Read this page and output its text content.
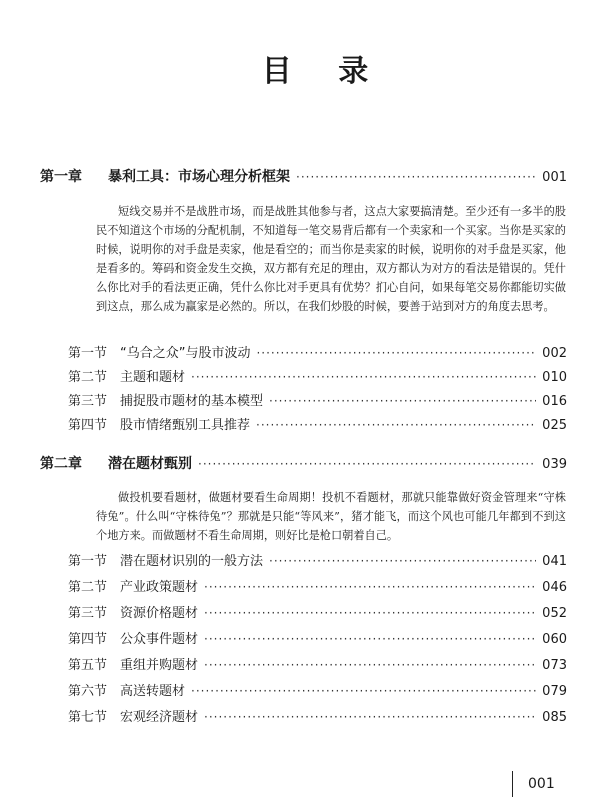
目 录
第一章	暴利工具：市场心理分析框架 ·····	001
短线交易并不是战胜市场，而是战胜其他参与者，这点大家要搞清楚。至少还有一多半的股民不知道这个市场的分配机制，不知道每一笔交易背后都有一个卖家和一个买家。当你是买家的时候，说明你的对手盘是卖家，他是看空的；而当你是卖家的时候，说明你的对手盘是买家，他是看多的。筹码和资金发生交换，双方都有充足的理由，双方都认为对方的看法是错误的。凭什么你比对手的看法更正确，凭什么你比对手更具有优势？扪心自问，如果每笔交易你都能切实做到这点，那么成为赢家是必然的。所以，在我们炒股的时候，要善于站到对方的角度去思考。
第一节 “乌合之众”与股市波动 ·····	002
第二节 主题和题材 ·····	010
第三节 捕捉股市题材的基本模型 ·····	016
第四节 股市情绪甄别工具推荐 ·····	025
第二章	潜在题材甄别 ·····	039
做投机要看题材，做题材要看生命周期！投机不看题材，那就只能靠做好资金管理来“守株待兔”。什么叫“守株待兔”？那就是只能“等风来”，猪才能飞，而这个风也可能几年都到不到这个地方来。而做题材不看生命周期，则好比是枪口朝着自己。
第一节 潜在题材识别的一般方法 ·····	041
第二节 产业政策题材 ·····	046
第三节 资源价格题材 ·····	052
第四节 公众事件题材 ·····	060
第五节 重组并购题材 ·····	073
第六节 高送转题材 ·····	079
第七节 宏观经济题材 ·····	085
001
